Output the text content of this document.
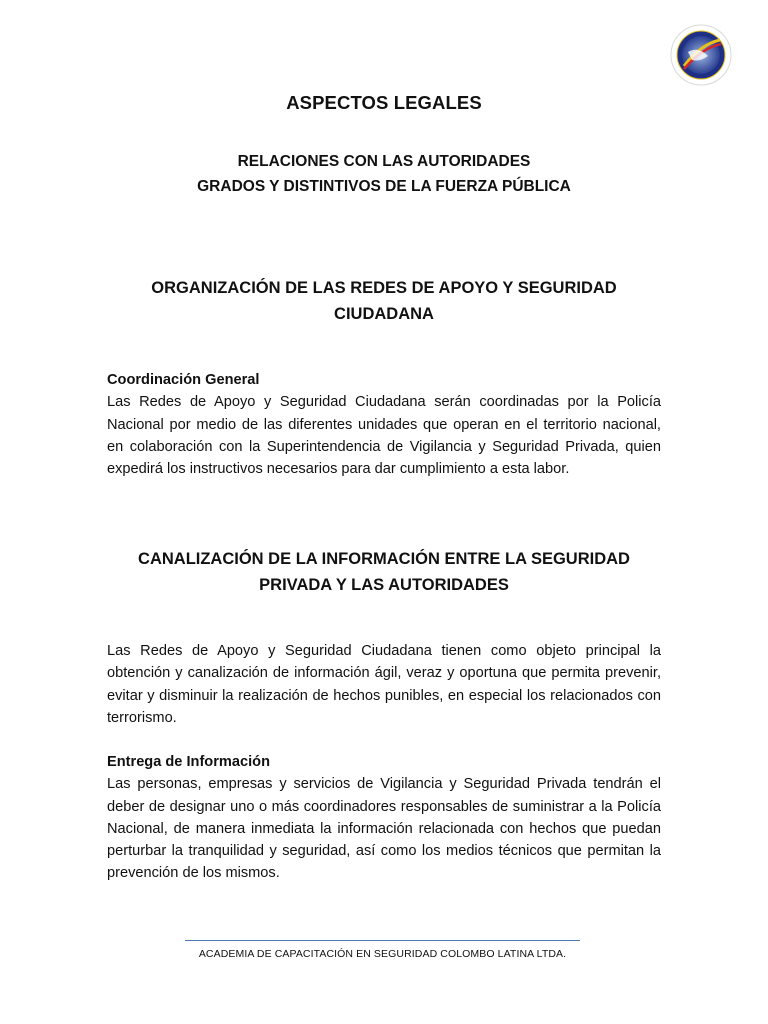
ASPECTOS LEGALES
RELACIONES CON LAS AUTORIDADES
GRADOS Y DISTINTIVOS DE LA FUERZA PÚBLICA
ORGANIZACIÓN DE LAS REDES DE APOYO Y SEGURIDAD
CIUDADANA
Coordinación General
Las Redes de Apoyo y Seguridad Ciudadana serán coordinadas por la Policía Nacional por medio de las diferentes unidades que operan en el territorio nacional, en colaboración con la Superintendencia de Vigilancia y Seguridad Privada, quien expedirá los instructivos necesarios para dar cumplimiento a esta labor.
CANALIZACIÓN DE LA INFORMACIÓN ENTRE LA SEGURIDAD
PRIVADA Y LAS AUTORIDADES
Las Redes de Apoyo y Seguridad Ciudadana tienen como objeto principal la obtención y canalización de información ágil, veraz y oportuna que permita prevenir, evitar y disminuir la realización de hechos punibles, en especial los relacionados con terrorismo.
Entrega de Información
Las personas, empresas y servicios de Vigilancia y Seguridad Privada tendrán el deber de designar uno o más coordinadores responsables de suministrar a la Policía Nacional, de manera inmediata la información relacionada con hechos que puedan perturbar la tranquilidad y seguridad, así como los medios técnicos que permitan la prevención de los mismos.
ACADEMIA DE CAPACITACIÓN EN SEGURIDAD COLOMBO LATINA LTDA.
